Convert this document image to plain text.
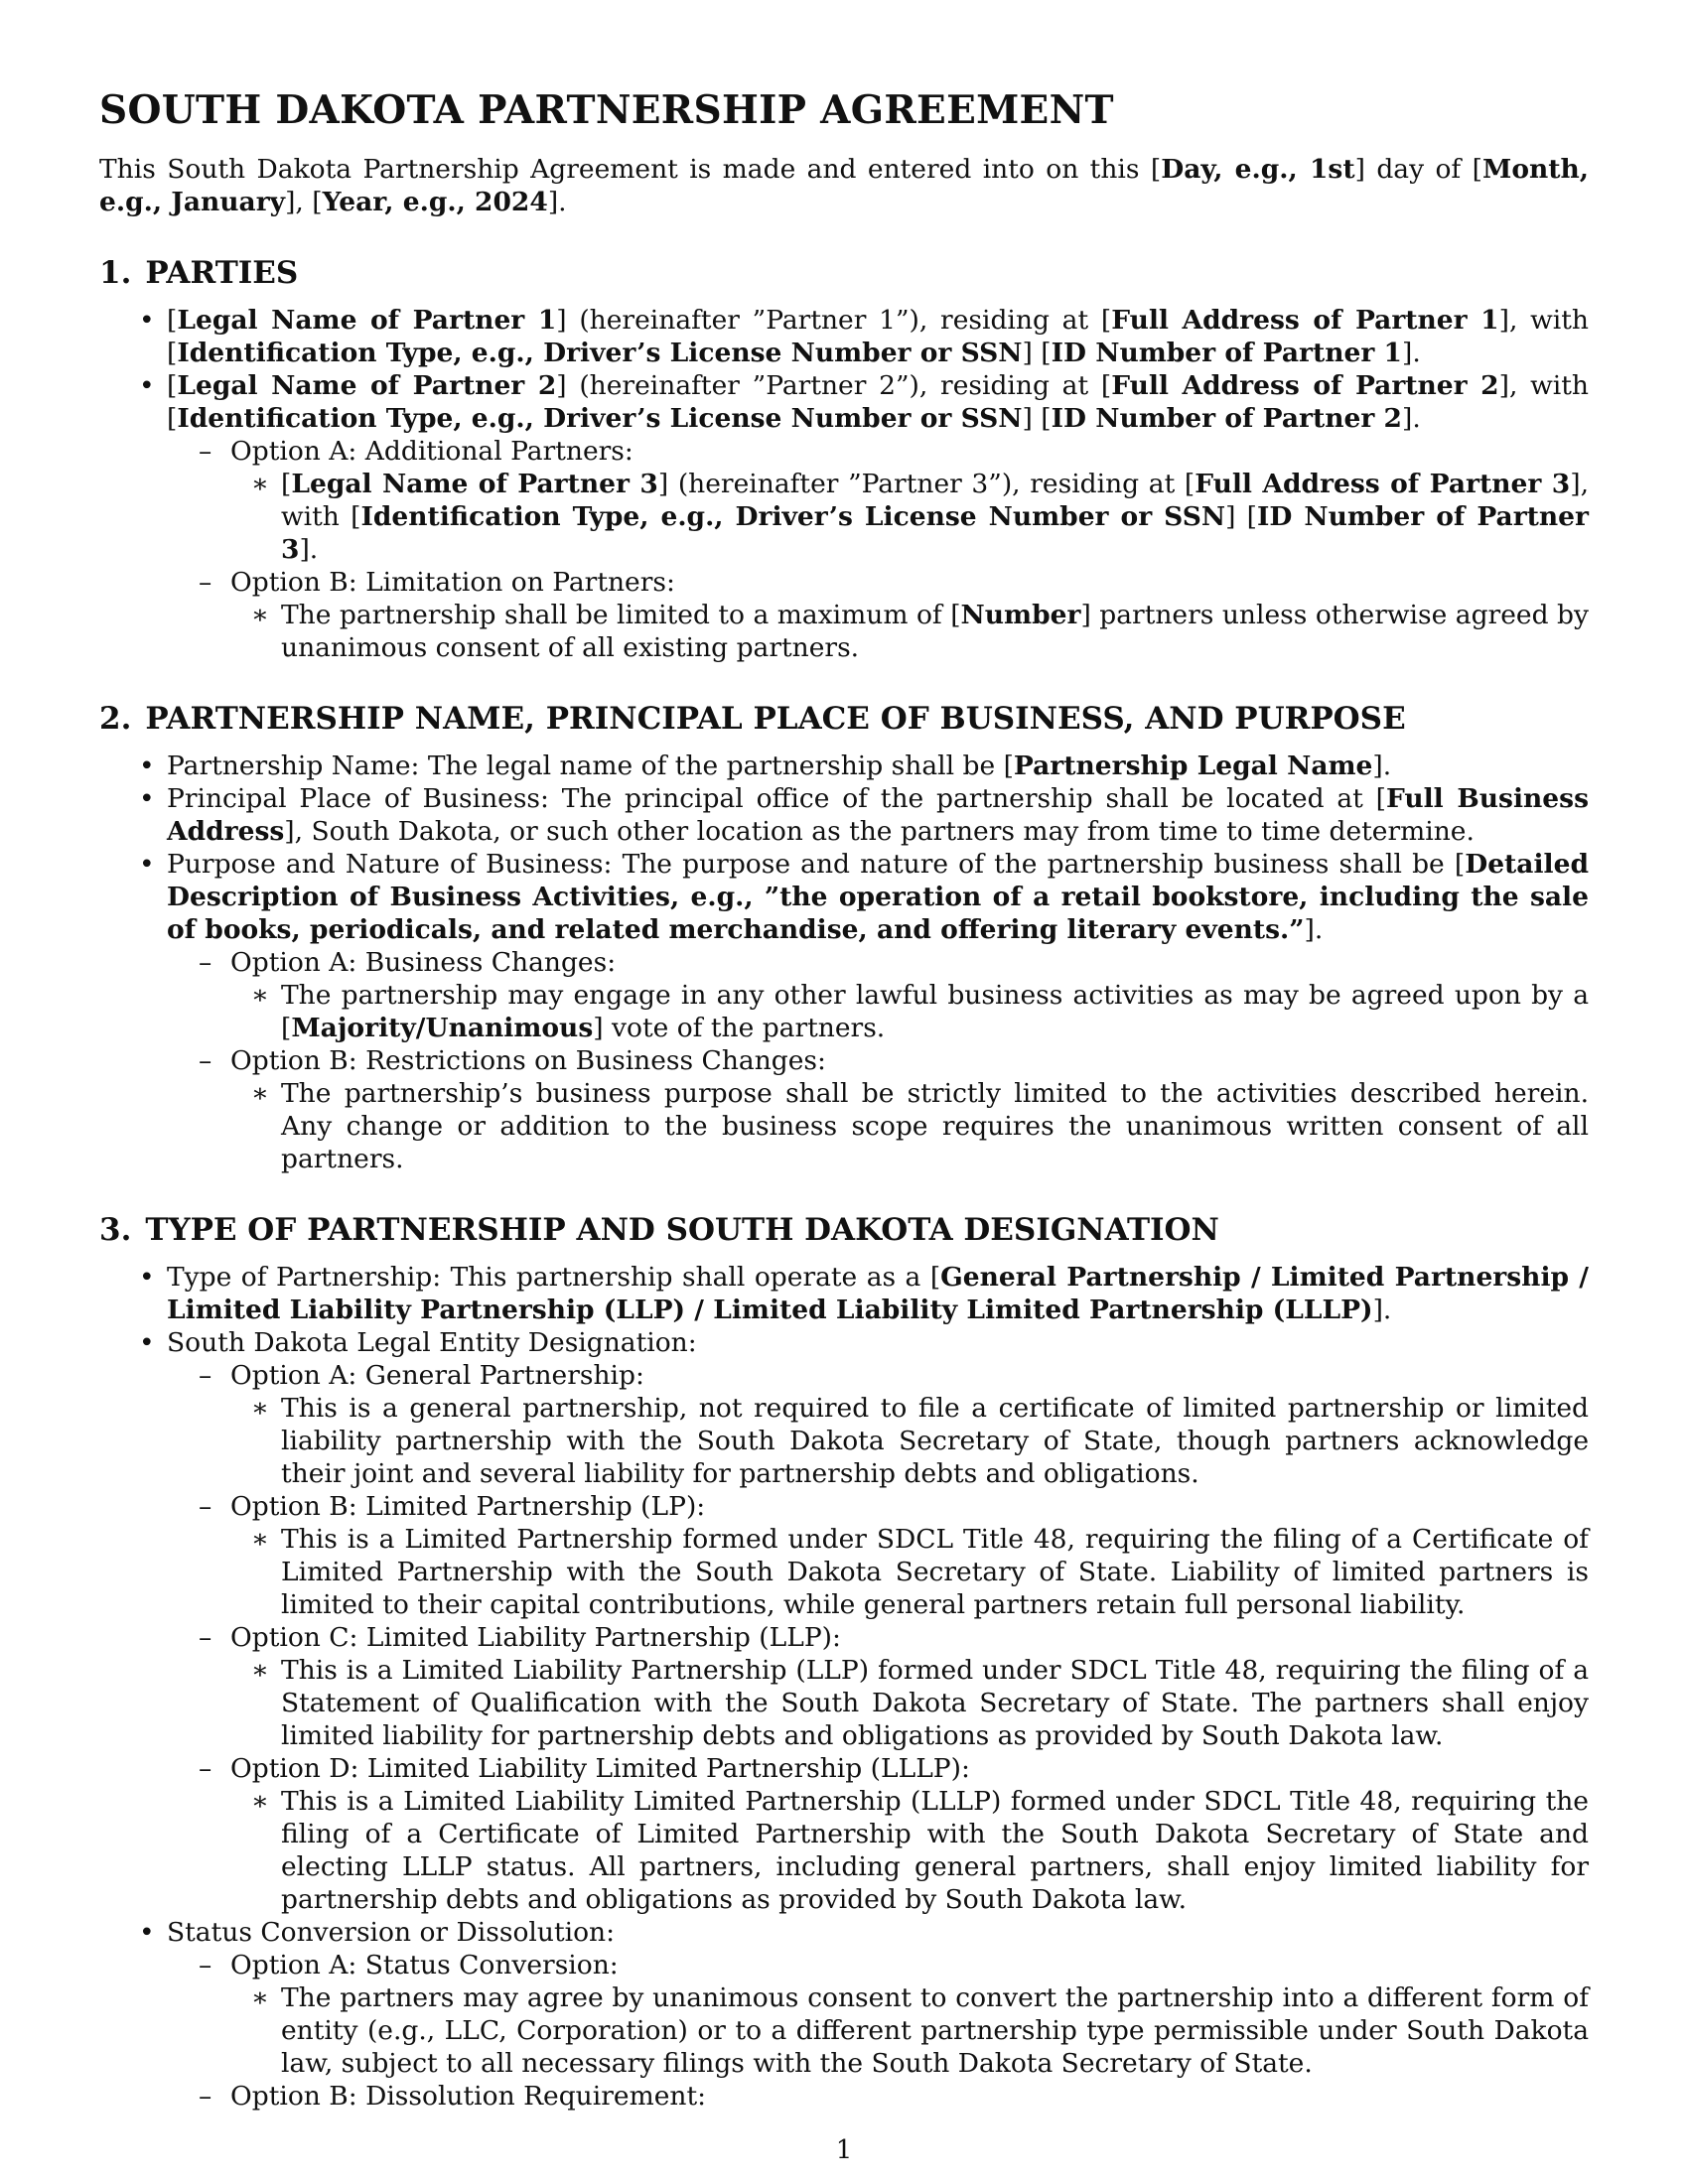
SOUTH DAKOTA PARTNERSHIP AGREEMENT

This South Dakota Partnership Agreement is made and entered into on this [Day, e.g., 1st] day of [Month, e.g., January], [Year, e.g., 2024].

1. PARTIES
• [Legal Name of Partner 1] (hereinafter ”Partner 1”), residing at [Full Address of Partner 1], with [Identification Type, e.g., Driver’s License Number or SSN] [ID Number of Partner 1].
• [Legal Name of Partner 2] (hereinafter ”Partner 2”), residing at [Full Address of Partner 2], with [Identification Type, e.g., Driver’s License Number or SSN] [ID Number of Partner 2].
– Option A: Additional Partners:
∗ [Legal Name of Partner 3] (hereinafter ”Partner 3”), residing at [Full Address of Partner 3], with [Identification Type, e.g., Driver’s License Number or SSN] [ID Number of Partner 3].
– Option B: Limitation on Partners:
∗ The partnership shall be limited to a maximum of [Number] partners unless otherwise agreed by unanimous consent of all existing partners.
2. PARTNERSHIP NAME, PRINCIPAL PLACE OF BUSINESS, AND PURPOSE
• Partnership Name: The legal name of the partnership shall be [Partnership Legal Name].
• Principal Place of Business: The principal office of the partnership shall be located at [Full Business Address], South Dakota, or such other location as the partners may from time to time determine.
• Purpose and Nature of Business: The purpose and nature of the partnership business shall be [Detailed Description of Business Activities, e.g., ”the operation of a retail bookstore, including the sale of books, periodicals, and related merchandise, and offering literary events.”].
– Option A: Business Changes:
∗ The partnership may engage in any other lawful business activities as may be agreed upon by a [Majority/Unanimous] vote of the partners.
– Option B: Restrictions on Business Changes:
∗ The partnership’s business purpose shall be strictly limited to the activities described herein. Any change or addition to the business scope requires the unanimous written consent of all partners.
3. TYPE OF PARTNERSHIP AND SOUTH DAKOTA DESIGNATION
• Type of Partnership: This partnership shall operate as a [General Partnership / Limited Partnership / Limited Liability Partnership (LLP) / Limited Liability Limited Partnership (LLLP)].
• South Dakota Legal Entity Designation:
– Option A: General Partnership:
∗ This is a general partnership, not required to file a certificate of limited partnership or limited liability partnership with the South Dakota Secretary of State, though partners acknowledge their joint and several liability for partnership debts and obligations.
– Option B: Limited Partnership (LP):
∗ This is a Limited Partnership formed under SDCL Title 48, requiring the filing of a Certificate of Limited Partnership with the South Dakota Secretary of State. Liability of limited partners is limited to their capital contributions, while general partners retain full personal liability.
– Option C: Limited Liability Partnership (LLP):
∗ This is a Limited Liability Partnership (LLP) formed under SDCL Title 48, requiring the filing of a Statement of Qualification with the South Dakota Secretary of State. The partners shall enjoy limited liability for partnership debts and obligations as provided by South Dakota law.
– Option D: Limited Liability Limited Partnership (LLLP):
∗ This is a Limited Liability Limited Partnership (LLLP) formed under SDCL Title 48, requiring the filing of a Certificate of Limited Partnership with the South Dakota Secretary of State and electing LLLP status. All partners, including general partners, shall enjoy limited liability for partnership debts and obligations as provided by South Dakota law.
• Status Conversion or Dissolution:
– Option A: Status Conversion:
∗ The partners may agree by unanimous consent to convert the partnership into a different form of entity (e.g., LLC, Corporation) or to a different partnership type permissible under South Dakota law, subject to all necessary filings with the South Dakota Secretary of State.
– Option B: Dissolution Requirement:
1
